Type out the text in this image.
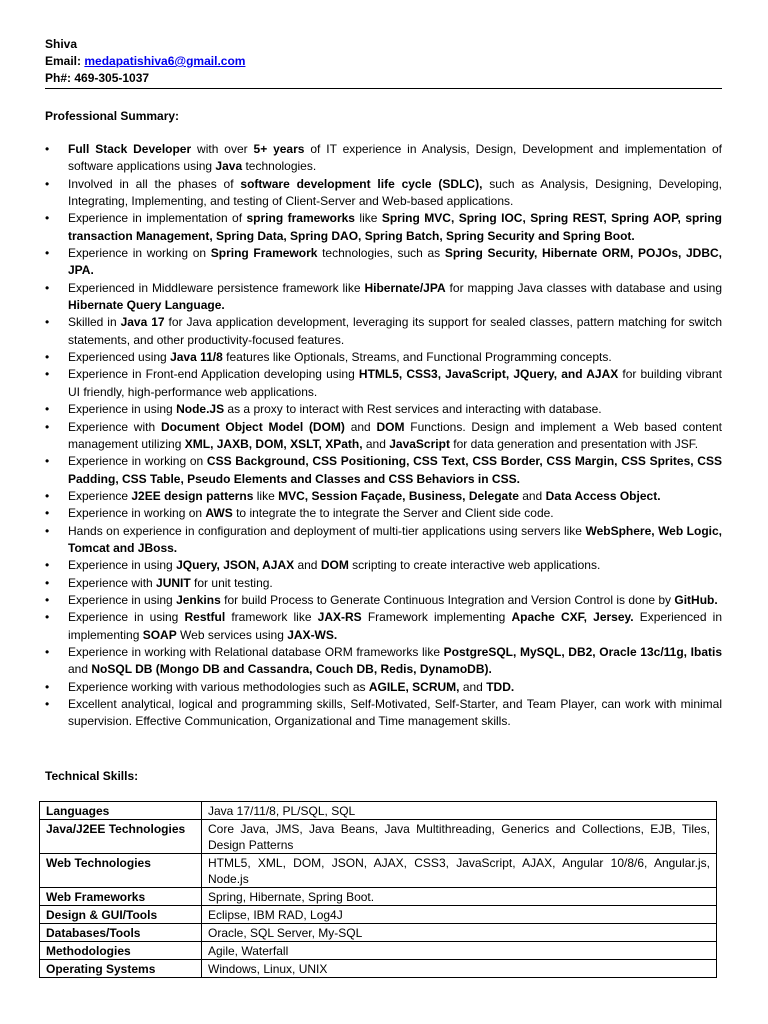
Shiva
Email: medapatishiva6@gmail.com
Ph#: 469-305-1037
Professional Summary:
• Full Stack Developer with over 5+ years of IT experience in Analysis, Design, Development and implementation of software applications using Java technologies.
• Involved in all the phases of software development life cycle (SDLC), such as Analysis, Designing, Developing, Integrating, Implementing, and testing of Client-Server and Web-based applications.
• Experience in implementation of spring frameworks like Spring MVC, Spring IOC, Spring REST, Spring AOP, spring transaction Management, Spring Data, Spring DAO, Spring Batch, Spring Security and Spring Boot.
• Experience in working on Spring Framework technologies, such as Spring Security, Hibernate ORM, POJOs, JDBC, JPA.
• Experienced in Middleware persistence framework like Hibernate/JPA for mapping Java classes with database and using Hibernate Query Language.
• Skilled in Java 17 for Java application development, leveraging its support for sealed classes, pattern matching for switch statements, and other productivity-focused features.
• Experienced using Java 11/8 features like Optionals, Streams, and Functional Programming concepts.
• Experience in Front-end Application developing using HTML5, CSS3, JavaScript, JQuery, and AJAX for building vibrant UI friendly, high-performance web applications.
• Experience in using Node.JS as a proxy to interact with Rest services and interacting with database.
• Experience with Document Object Model (DOM) and DOM Functions. Design and implement a Web based content management utilizing XML, JAXB, DOM, XSLT, XPath, and JavaScript for data generation and presentation with JSF.
• Experience in working on CSS Background, CSS Positioning, CSS Text, CSS Border, CSS Margin, CSS Sprites, CSS Padding, CSS Table, Pseudo Elements and Classes and CSS Behaviors in CSS.
• Experience J2EE design patterns like MVC, Session Façade, Business, Delegate and Data Access Object.
• Experience in working on AWS to integrate the to integrate the Server and Client side code.
• Hands on experience in configuration and deployment of multi-tier applications using servers like WebSphere, Web Logic, Tomcat and JBoss.
• Experience in using JQuery, JSON, AJAX and DOM scripting to create interactive web applications.
• Experience with JUNIT for unit testing.
• Experience in using Jenkins for build Process to Generate Continuous Integration and Version Control is done by GitHub.
• Experience in using Restful framework like JAX-RS Framework implementing Apache CXF, Jersey. Experienced in implementing SOAP Web services using JAX-WS.
• Experience in working with Relational database ORM frameworks like PostgreSQL, MySQL, DB2, Oracle 13c/11g, Ibatis and NoSQL DB (Mongo DB and Cassandra, Couch DB, Redis, DynamoDB).
• Experience working with various methodologies such as AGILE, SCRUM, and TDD.
• Excellent analytical, logical and programming skills, Self-Motivated, Self-Starter, and Team Player, can work with minimal supervision. Effective Communication, Organizational and Time management skills.
Technical Skills:
Languages	Java 17/11/8, PL/SQL, SQL
Java/J2EE Technologies	Core Java, JMS, Java Beans, Java Multithreading, Generics and Collections, EJB, Tiles, Design Patterns
Web Technologies	HTML5, XML, DOM, JSON, AJAX, CSS3, JavaScript, AJAX, Angular 10/8/6, Angular.js, Node.js
Web Frameworks	Spring, Hibernate, Spring Boot.
Design & GUI/Tools	Eclipse, IBM RAD, Log4J
Databases/Tools	Oracle, SQL Server, My-SQL
Methodologies	Agile, Waterfall
Operating Systems	Windows, Linux, UNIX
